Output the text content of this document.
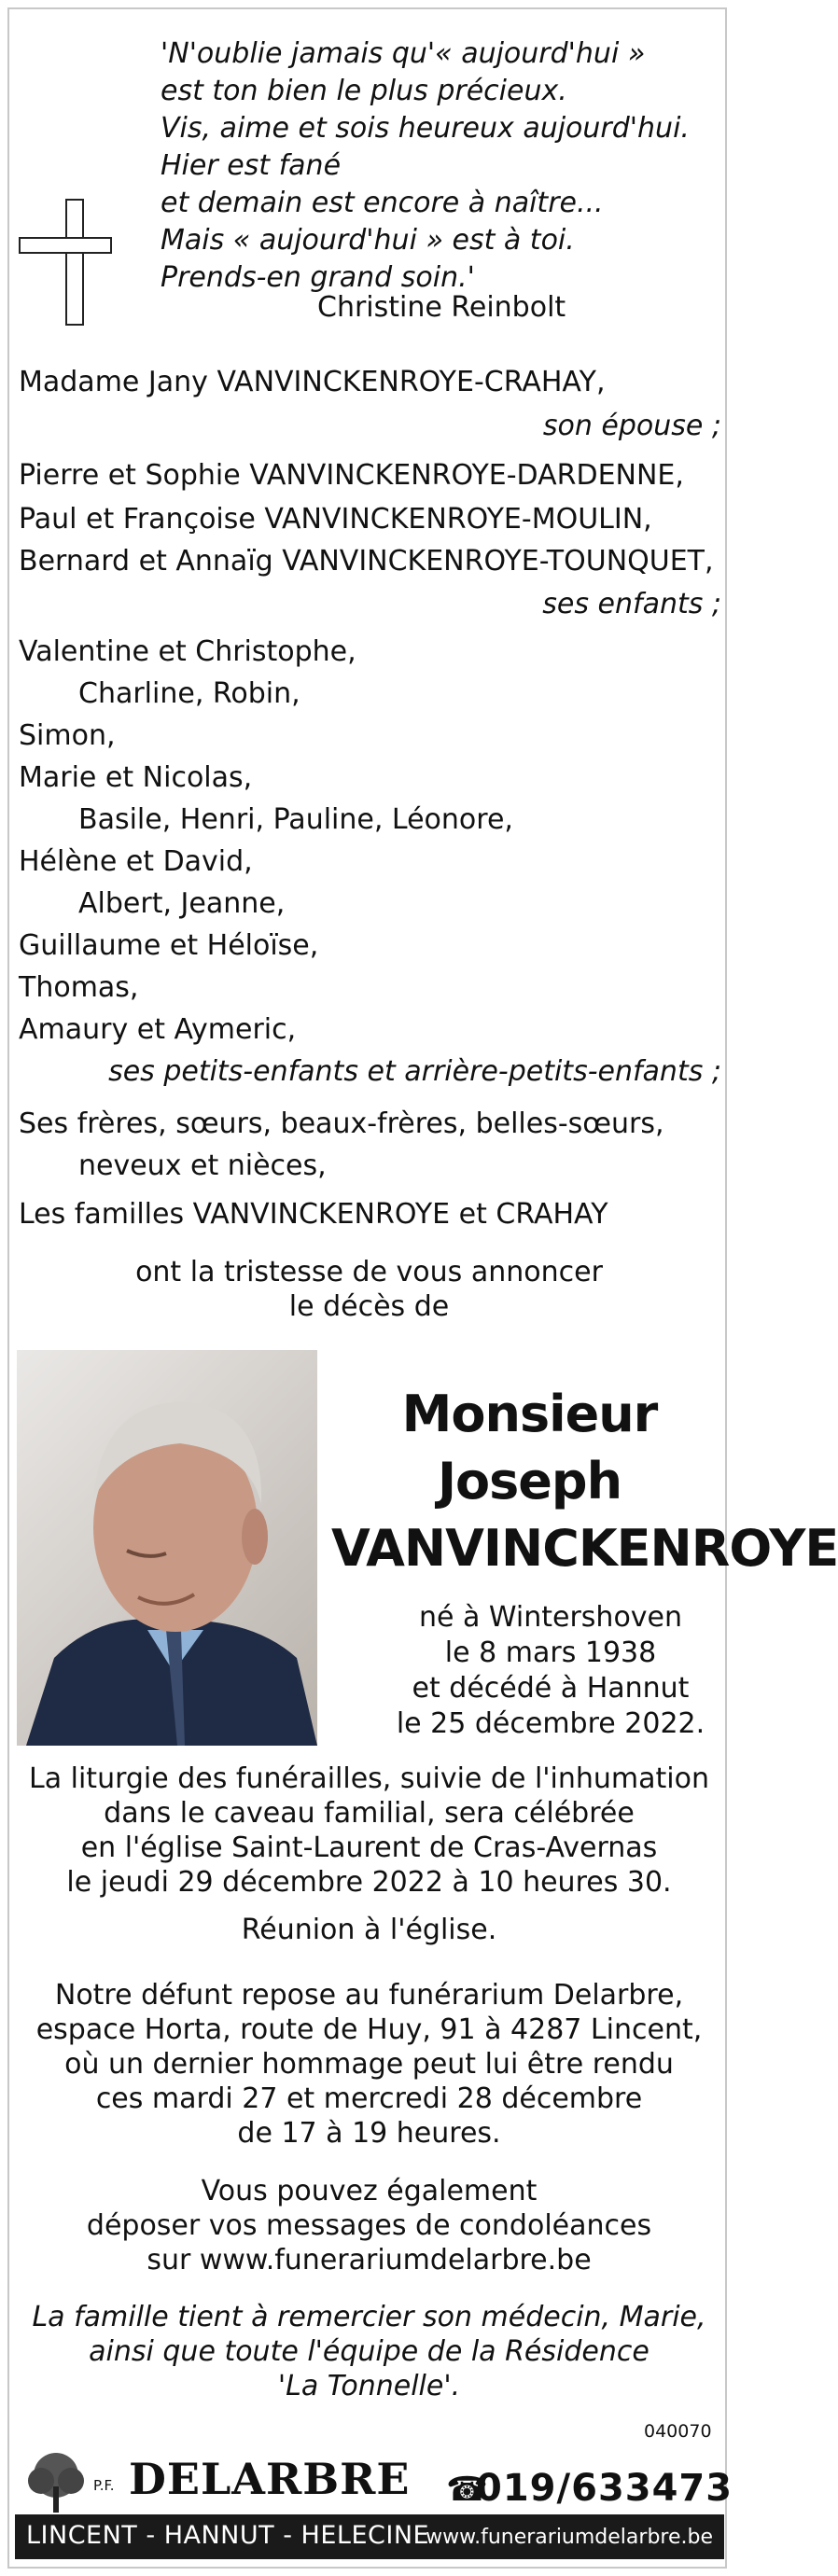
'N'oublie jamais qu'« aujourd'hui »
est ton bien le plus précieux.
Vis, aime et sois heureux aujourd'hui.
Hier est fané
et demain est encore à naître...
Mais « aujourd'hui » est à toi.
Prends-en grand soin.'
Christine Reinbolt
Madame Jany VANVINCKENROYE-CRAHAY,
son épouse ;
Pierre et Sophie VANVINCKENROYE-DARDENNE,
Paul et Françoise VANVINCKENROYE-MOULIN,
Bernard et Annaïg VANVINCKENROYE-TOUNQUET,
ses enfants ;
Valentine et Christophe,
Charline, Robin,
Simon,
Marie et Nicolas,
Basile, Henri, Pauline, Léonore,
Hélène et David,
Albert, Jeanne,
Guillaume et Héloïse,
Thomas,
Amaury et Aymeric,
ses petits-enfants et arrière-petits-enfants ;
Ses frères, sœurs, beaux-frères, belles-sœurs,
neveux et nièces,
Les familles VANVINCKENROYE et CRAHAY
ont la tristesse de vous annoncer
le décès de
Monsieur
Joseph
VANVINCKENROYE
né à Wintershoven
le 8 mars 1938
et décédé à Hannut
le 25 décembre 2022.
La liturgie des funérailles, suivie de l'inhumation
dans le caveau familial, sera célébrée
en l'église Saint-Laurent de Cras-Avernas
le jeudi 29 décembre 2022 à 10 heures 30.
Réunion à l'église.
Notre défunt repose au funérarium Delarbre,
espace Horta, route de Huy, 91 à 4287 Lincent,
où un dernier hommage peut lui être rendu
ces mardi 27 et mercredi 28 décembre
de 17 à 19 heures.
Vous pouvez également
déposer vos messages de condoléances
sur www.funerariumdelarbre.be
La famille tient à remercier son médecin, Marie,
ainsi que toute l'équipe de la Résidence
'La Tonnelle'.
040070
P.F. DELARBRE ☎
019/633473
LINCENT - HANNUT - HELECINE
www.funerariumdelarbre.be
